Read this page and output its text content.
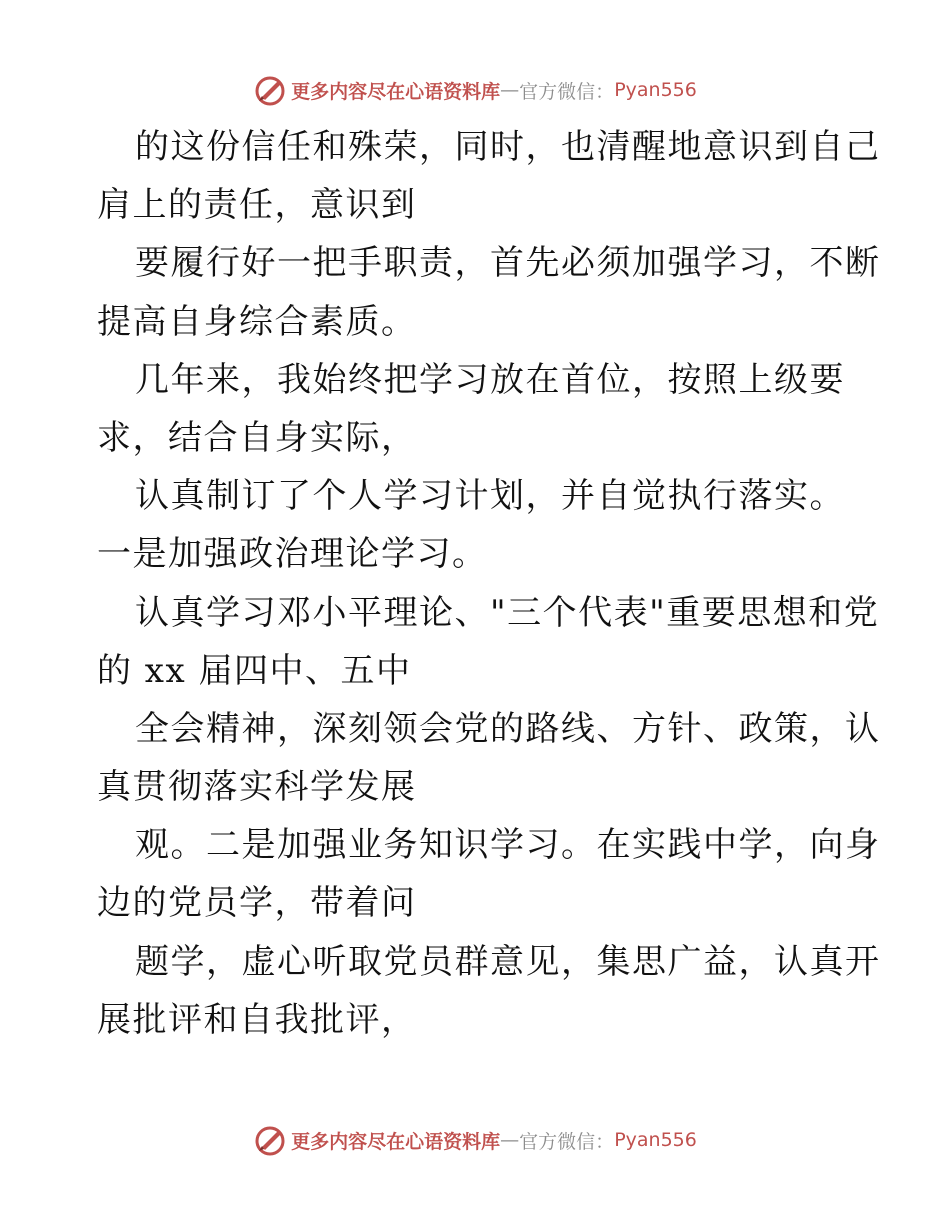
更多内容尽在心语资料库 — 官方微信： Pyan556
的这份信任和殊荣，同时，也清醒地意识到自己
肩上的责任，意识到
要履行好一把手职责，首先必须加强学习，不断
提高自身综合素质。
几年来，我始终把学习放在首位，按照上级要
求，结合自身实际，
认真制订了个人学习计划，并自觉执行落实。
一是加强政治理论学习。
认真学习邓小平理论、"三个代表"重要思想和党
的 xx 届四中、五中
全会精神，深刻领会党的路线、方针、政策，认
真贯彻落实科学发展
观。二是加强业务知识学习。在实践中学，向身
边的党员学，带着问
题学，虚心听取党员群意见，集思广益，认真开
展批评和自我批评，
更多内容尽在心语资料库 — 官方微信： Pyan556
